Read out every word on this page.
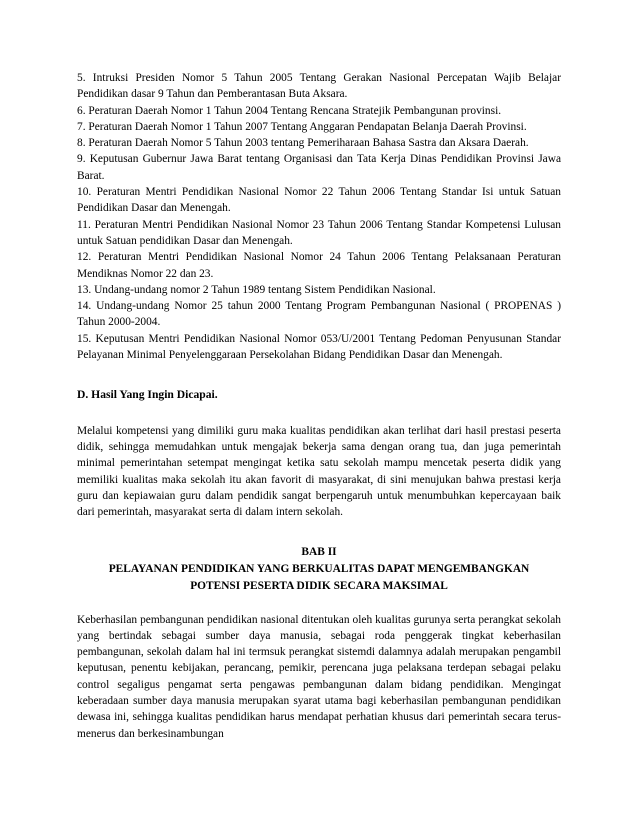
5. Intruksi Presiden Nomor 5 Tahun 2005 Tentang Gerakan Nasional Percepatan Wajib Belajar Pendidikan dasar 9 Tahun dan Pemberantasan Buta Aksara.

6. Peraturan Daerah Nomor 1 Tahun 2004 Tentang Rencana Stratejik Pembangunan provinsi.

7. Peraturan Daerah Nomor 1 Tahun 2007 Tentang Anggaran Pendapatan Belanja Daerah Provinsi.

8. Peraturan Daerah Nomor 5 Tahun 2003 tentang Pemeriharaan Bahasa Sastra dan Aksara Daerah.

9. Keputusan Gubernur Jawa Barat tentang Organisasi dan Tata Kerja Dinas Pendidikan Provinsi Jawa Barat.

10. Peraturan Mentri Pendidikan Nasional Nomor 22 Tahun 2006 Tentang Standar Isi untuk Satuan Pendidikan Dasar dan Menengah.

11. Peraturan Mentri Pendidikan Nasional Nomor 23 Tahun 2006 Tentang Standar Kompetensi Lulusan untuk Satuan pendidikan Dasar dan Menengah.

12. Peraturan Mentri Pendidikan Nasional Nomor 24 Tahun 2006 Tentang Pelaksanaan Peraturan Mendiknas Nomor 22 dan 23.

13. Undang-undang nomor 2 Tahun 1989 tentang Sistem Pendidikan Nasional.

14. Undang-undang Nomor 25 tahun 2000 Tentang Program Pembangunan Nasional ( PROPENAS ) Tahun 2000-2004.

15. Keputusan Mentri Pendidikan Nasional Nomor 053/U/2001 Tentang Pedoman Penyusunan Standar Pelayanan Minimal Penyelenggaraan Persekolahan Bidang Pendidikan Dasar dan Menengah.

D. Hasil Yang Ingin Dicapai.

Melalui kompetensi yang dimiliki guru maka kualitas pendidikan akan terlihat dari hasil prestasi peserta didik, sehingga memudahkan untuk mengajak bekerja sama dengan orang tua, dan juga pemerintah minimal pemerintahan setempat mengingat ketika satu sekolah mampu mencetak peserta didik yang memiliki kualitas maka sekolah itu akan favorit di masyarakat, di sini menujukan bahwa prestasi kerja guru dan kepiawaian guru dalam pendidik sangat berpengaruh untuk menumbuhkan kepercayaan baik dari pemerintah, masyarakat serta di dalam intern sekolah.

BAB II
PELAYANAN PENDIDIKAN YANG BERKUALITAS DAPAT MENGEMBANGKAN
POTENSI PESERTA DIDIK SECARA MAKSIMAL

Keberhasilan pembangunan pendidikan nasional ditentukan oleh kualitas gurunya serta perangkat sekolah yang bertindak sebagai sumber daya manusia, sebagai roda penggerak tingkat keberhasilan pembangunan, sekolah dalam hal ini termsuk perangkat sistemdi dalamnya adalah merupakan pengambil keputusan, penentu kebijakan, perancang, pemikir, perencana juga pelaksana terdepan sebagai pelaku control segaligus pengamat serta pengawas pembangunan dalam bidang pendidikan. Mengingat keberadaan sumber daya manusia merupakan syarat utama bagi keberhasilan pembangunan pendidikan dewasa ini, sehingga kualitas pendidikan harus mendapat perhatian khusus dari pemerintah secara terus-menerus dan berkesinambungan
